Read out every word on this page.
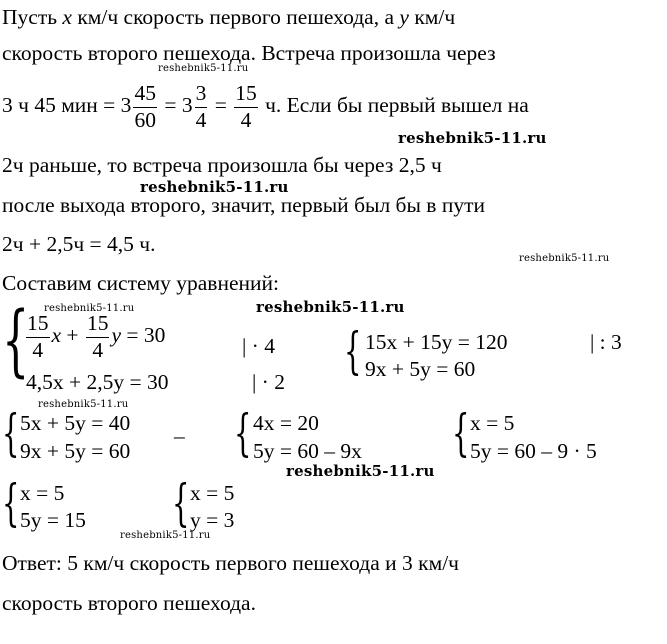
Пусть x км/ч скорость первого пешехода, а y км/ч
скорость второго пешехода. Встреча произошла через
3 ч 45 мин = $3 \frac{45}{60} = 3 \frac{3}{4} = \frac{15}{4} ч$. Если бы первый вышел на
2ч раньше, то встреча произошла бы через 2,5 ч
после выхода второго, значит, первый был бы в пути
2ч + 2,5ч = 4,5 ч.
Составим систему уравнений:
{
$\frac{15}{4}$ $x + \frac{15}{4}$ y = 30	| · 4
4,5x + 2,5y = 30	| · 2
{ 15x + 15y = 120	| : 3
9x + 5y = 60
{ 5x + 5y = 40
9x + 5y = 60
– { 4x = 20
5y = 60 – 9x { x = 5
5y = 60 – 9 · 5
{ x = 5
5y = 15 { x = 5
y = 3
Ответ: 5 км/ч скорость первого пешехода и 3 км/ч
скорость второго пешехода.
reshebnik5-11.ru
reshebnik5-11.ru
reshebnik5-11.ru
reshebnik5-11.ru
reshebnik5-11.ru	reshebnik5-11.ru
reshebnik5-11.ru
reshebnik5-11.ru
reshebnik5-11.ru
